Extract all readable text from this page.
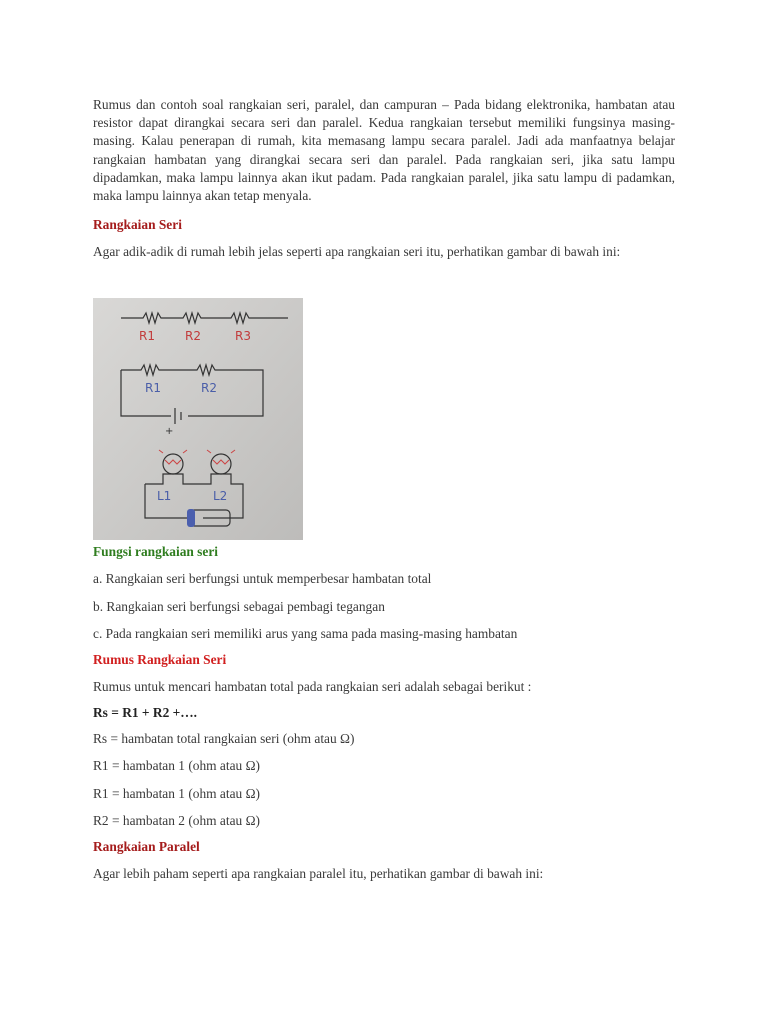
Rumus dan contoh soal rangkaian seri, paralel, dan campuran – Pada bidang elektronika, hambatan atau resistor dapat dirangkai secara seri dan paralel. Kedua rangkaian tersebut memiliki fungsinya masing-masing. Kalau penerapan di rumah, kita memasang lampu secara paralel. Jadi ada manfaatnya belajar rangkaian hambatan yang dirangkai secara seri dan paralel. Pada rangkaian seri, jika satu lampu dipadamkan, maka lampu lainnya akan ikut padam. Pada rangkaian paralel, jika satu lampu di padamkan, maka lampu lainnya akan tetap menyala.

Rangkaian Seri

Agar adik-adik di rumah lebih jelas seperti apa rangkaian seri itu, perhatikan gambar di bawah ini:

R1	R2	R3
R1	R2
+
L1	L2

Fungsi rangkaian seri

a. Rangkaian seri berfungsi untuk memperbesar hambatan total

b. Rangkaian seri berfungsi sebagai pembagi tegangan

c. Pada rangkaian seri memiliki arus yang sama pada masing-masing hambatan

Rumus Rangkaian Seri

Rumus untuk mencari hambatan total pada rangkaian seri adalah sebagai berikut :

Rs = R1 + R2 +….

Rs = hambatan total rangkaian seri (ohm atau Ω)

R1 = hambatan 1 (ohm atau Ω)

R1 = hambatan 1 (ohm atau Ω)

R2 = hambatan 2 (ohm atau Ω)

Rangkaian Paralel

Agar lebih paham seperti apa rangkaian paralel itu, perhatikan gambar di bawah ini:
